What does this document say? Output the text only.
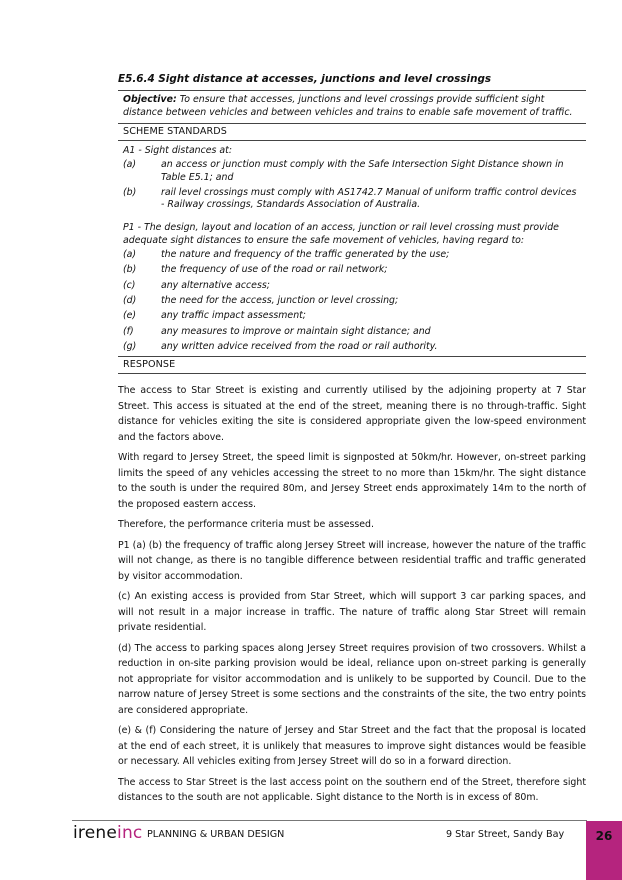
E5.6.4 Sight distance at accesses, junctions and level crossings
Objective: To ensure that accesses, junctions and level crossings provide sufficient sight distance between vehicles and between vehicles and trains to enable safe movement of traffic.
SCHEME STANDARDS

A1 - Sight distances at:

(a)	an access or junction must comply with the Safe Intersection Sight Distance shown in Table E5.1; and
(b)	rail level crossings must comply with AS1742.7 Manual of uniform traffic control devices - Railway crossings, Standards Association of Australia.

P1 - The design, layout and location of an access, junction or rail level crossing must provide adequate sight distances to ensure the safe movement of vehicles, having regard to:

(a)	the nature and frequency of the traffic generated by the use;
(b)	the frequency of use of the road or rail network;
(c)	any alternative access;
(d)	the need for the access, junction or level crossing;
(e)	any traffic impact assessment;
(f)	any measures to improve or maintain sight distance; and
(g)	any written advice received from the road or rail authority.
RESPONSE

The access to Star Street is existing and currently utilised by the adjoining property at 7 Star Street. This access is situated at the end of the street, meaning there is no through-traffic. Sight distance for vehicles exiting the site is considered appropriate given the low-speed environment and the factors above.

With regard to Jersey Street, the speed limit is signposted at 50km/hr. However, on-street parking limits the speed of any vehicles accessing the street to no more than 15km/hr. The sight distance to the south is under the required 80m, and Jersey Street ends approximately 14m to the north of the proposed eastern access.

Therefore, the performance criteria must be assessed.

P1 (a) (b) the frequency of traffic along Jersey Street will increase, however the nature of the traffic will not change, as there is no tangible difference between residential traffic and traffic generated by visitor accommodation.

(c) An existing access is provided from Star Street, which will support 3 car parking spaces, and will not result in a major increase in traffic. The nature of traffic along Star Street will remain private residential.

(d) The access to parking spaces along Jersey Street requires provision of two crossovers. Whilst a reduction in on-site parking provision would be ideal, reliance upon on-street parking is generally not appropriate for visitor accommodation and is unlikely to be supported by Council. Due to the narrow nature of Jersey Street is some sections and the constraints of the site, the two entry points are considered appropriate.

(e) & (f) Considering the nature of Jersey and Star Street and the fact that the proposal is located at the end of each street, it is unlikely that measures to improve sight distances would be feasible or necessary. All vehicles exiting from Jersey Street will do so in a forward direction.

The access to Star Street is the last access point on the southern end of the Street, therefore sight distances to the south are not applicable. Sight distance to the North is in excess of 80m.

ireneinc PLANNING & URBAN DESIGN	9 Star Street, Sandy Bay	26
